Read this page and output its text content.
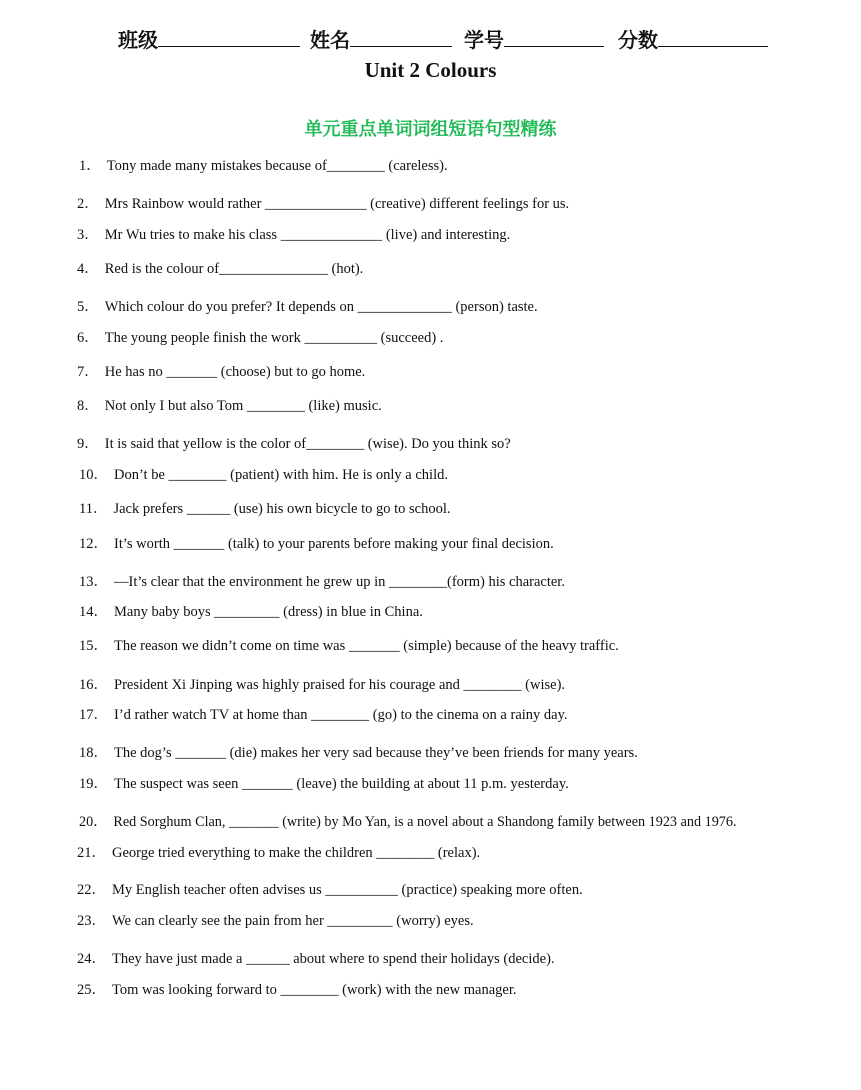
班级	姓名	学号	分数
Unit 2 Colours
单元重点单词词组短语句型精练
1． Tony made many mistakes because of________ (careless).
2． Mrs Rainbow would rather ______________ (creative) different feelings for us.
3． Mr Wu tries to make his class ______________ (live) and interesting.
4． Red is the colour of_______________ (hot).
5． Which colour do you prefer? It depends on _____________ (person) taste.
6． The young people finish the work __________ (succeed) .
7． He has no _______ (choose) but to go home.
8． Not only I but also Tom ________ (like) music.
9． It is said that yellow is the color of________ (wise). Do you think so?
10． Don’t be ________ (patient) with him. He is only a child.
11． Jack prefers ______ (use) his own bicycle to go to school.
12． It’s worth _______ (talk) to your parents before making your final decision.
13． —It’s clear that the environment he grew up in ________(form) his character.
14． Many baby boys _________ (dress) in blue in China.
15． The reason we didn’t come on time was _______ (simple) because of the heavy traffic.
16． President Xi Jinping was highly praised for his courage and ________ (wise).
17． I’d rather watch TV at home than ________ (go) to the cinema on a rainy day.
18． The dog’s _______ (die) makes her very sad because they’ve been friends for many years.
19． The suspect was seen _______ (leave) the building at about 11 p.m. yesterday.
20． Red Sorghum Clan, _______ (write) by Mo Yan, is a novel about a Shandong family between 1923 and 1976.
21． George tried everything to make the children ________ (relax).
22． My English teacher often advises us __________ (practice) speaking more often.
23． We can clearly see the pain from her _________ (worry) eyes.
24． They have just made a ______ about where to spend their holidays (decide).
25． Tom was looking forward to ________ (work) with the new manager.
